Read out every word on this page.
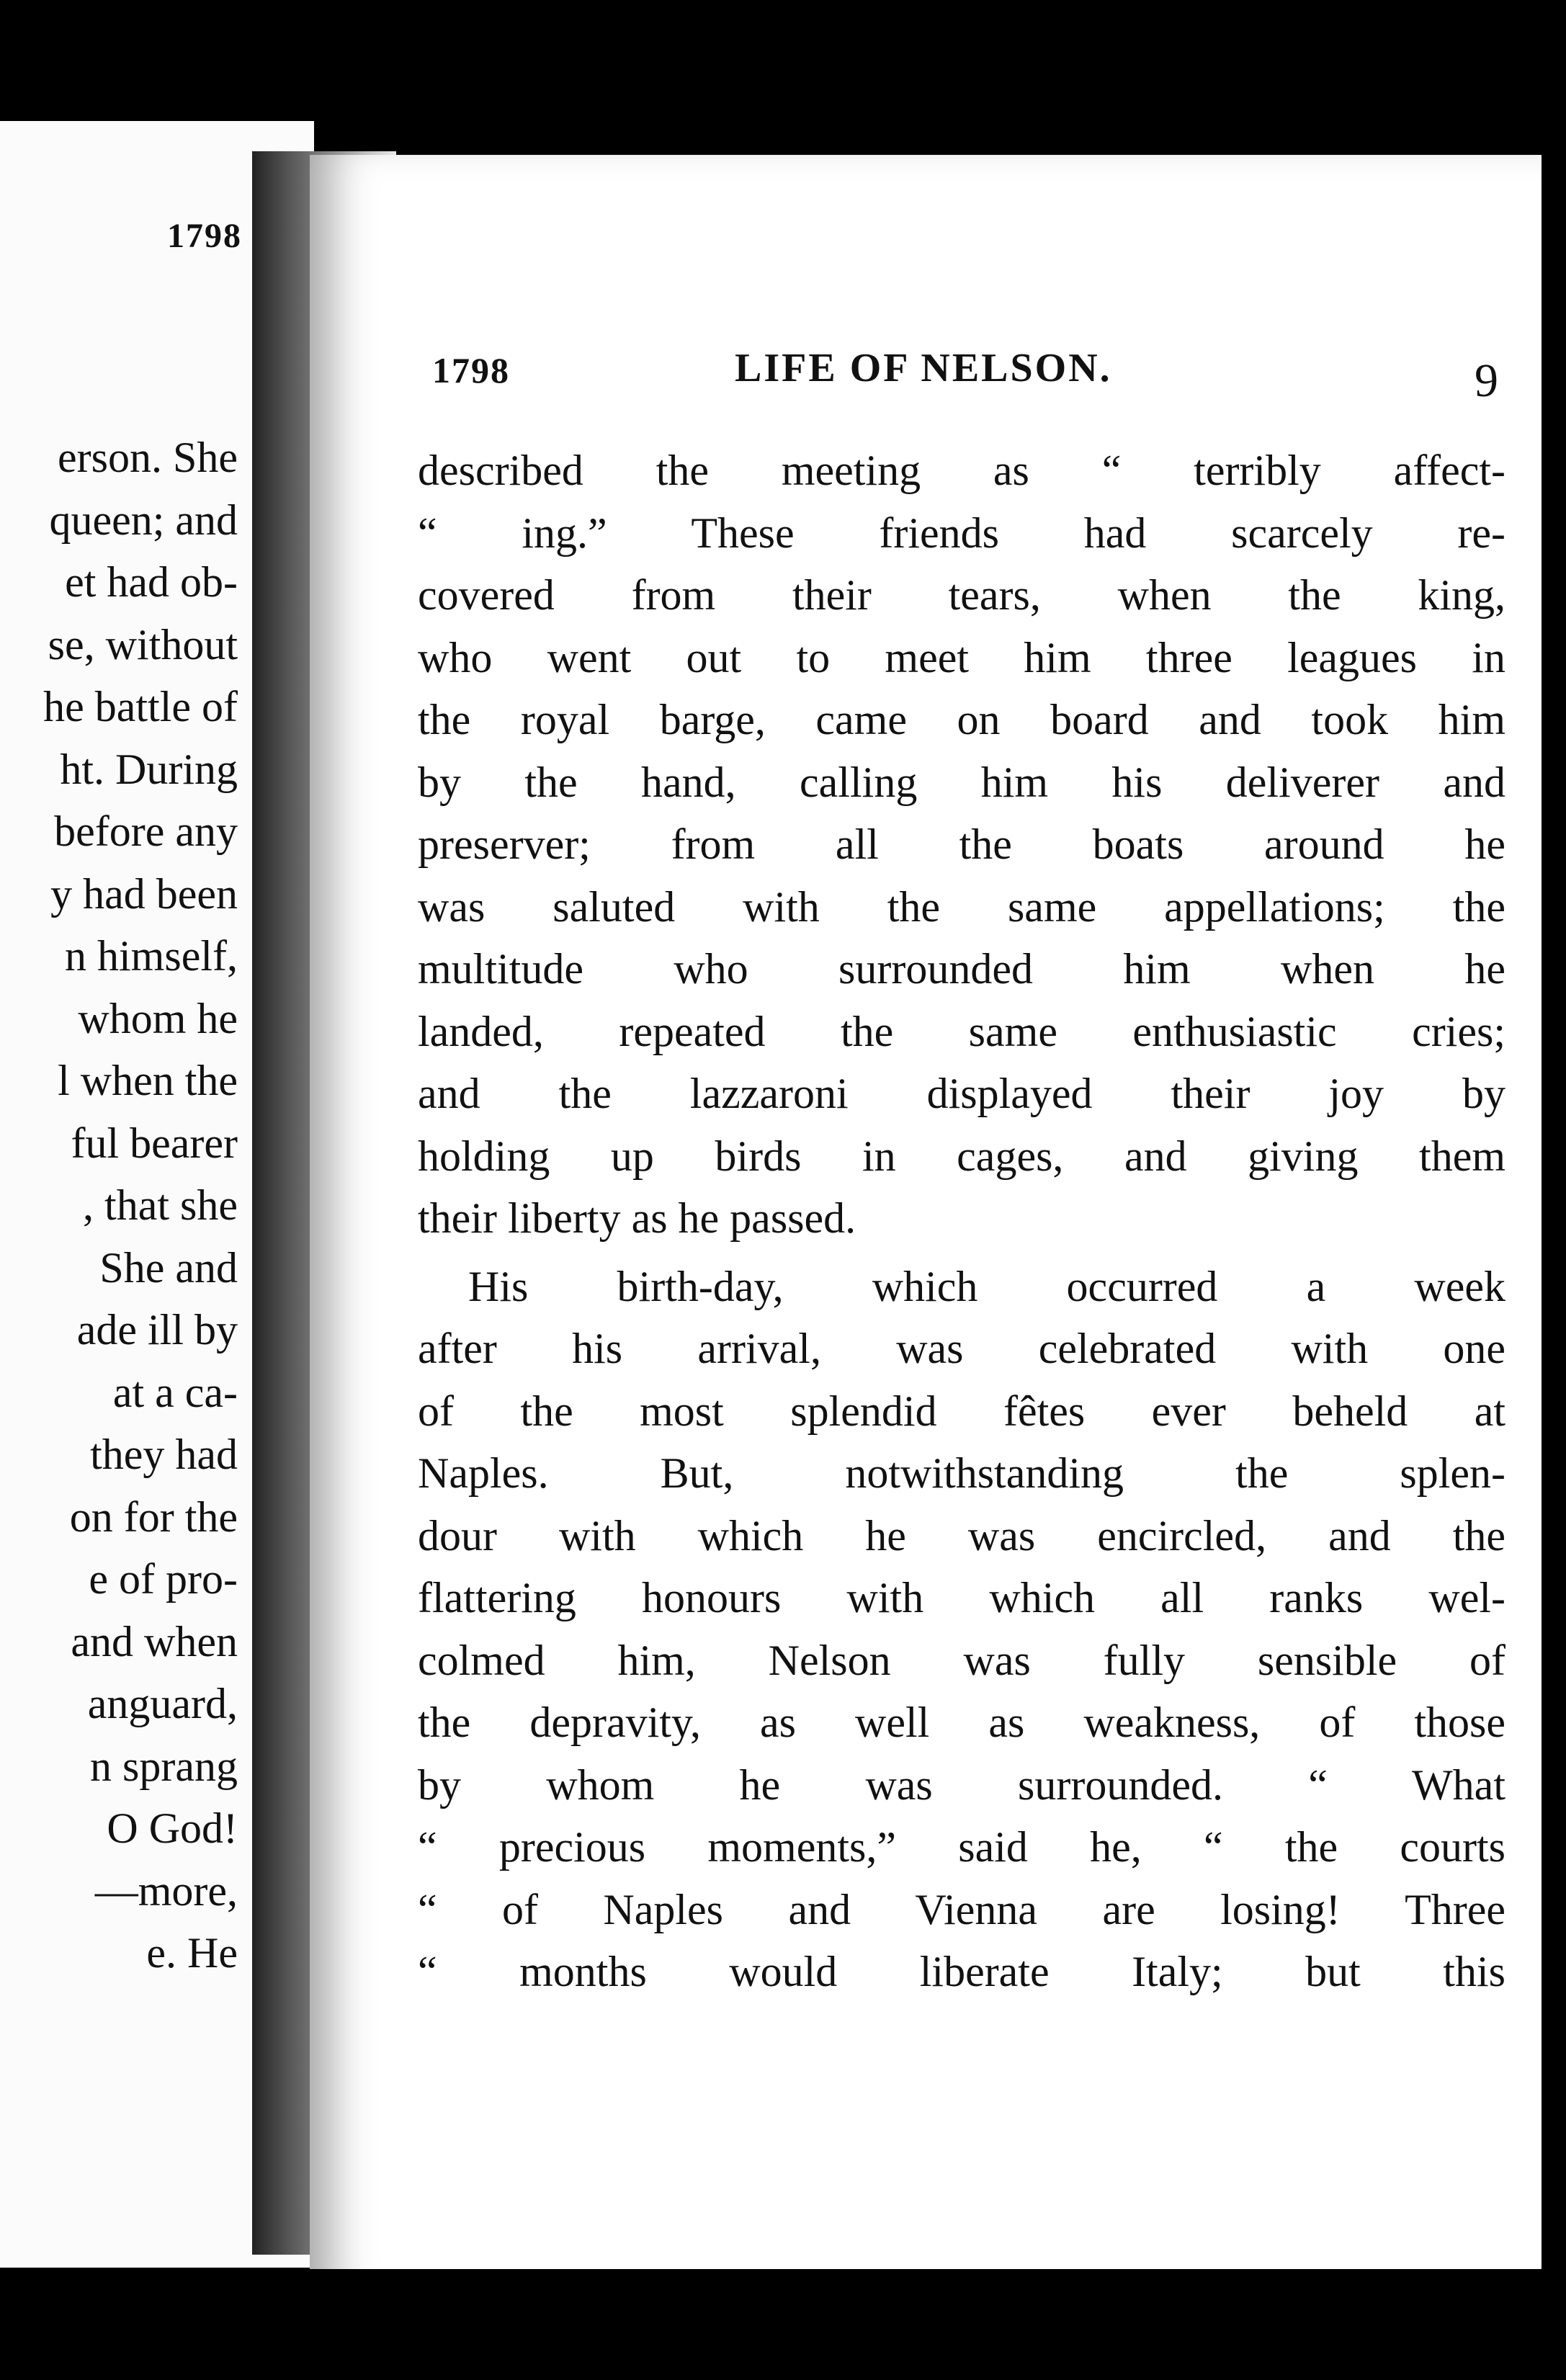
1798
erson. She
queen; and
et had ob-
se, without
he battle of
ht. During
before any
y had been
n himself,
whom he
l when the
ful bearer
, that she
She and
ade ill by
at a ca-
they had
on for the
e of pro-
and when
anguard,
n sprang
O God!
—more,
e. He
1798	LIFE OF NELSON.	9
described the meeting as “ terribly affect-
“ ing.” These friends had scarcely re-
covered from their tears, when the king,
who went out to meet him three leagues in
the royal barge, came on board and took him
by the hand, calling him his deliverer and
preserver; from all the boats around he
was saluted with the same appellations; the
multitude who surrounded him when he
landed, repeated the same enthusiastic cries;
and the lazzaroni displayed their joy by
holding up birds in cages, and giving them
their liberty as he passed.
His birth-day, which occurred a week
after his arrival, was celebrated with one
of the most splendid fêtes ever beheld at
Naples. But, notwithstanding the splen-
dour with which he was encircled, and the
flattering honours with which all ranks wel-
colmed him, Nelson was fully sensible of
the depravity, as well as weakness, of those
by whom he was surrounded. “ What
“ precious moments,” said he, “ the courts
“ of Naples and Vienna are losing! Three
“ months would liberate Italy; but this
